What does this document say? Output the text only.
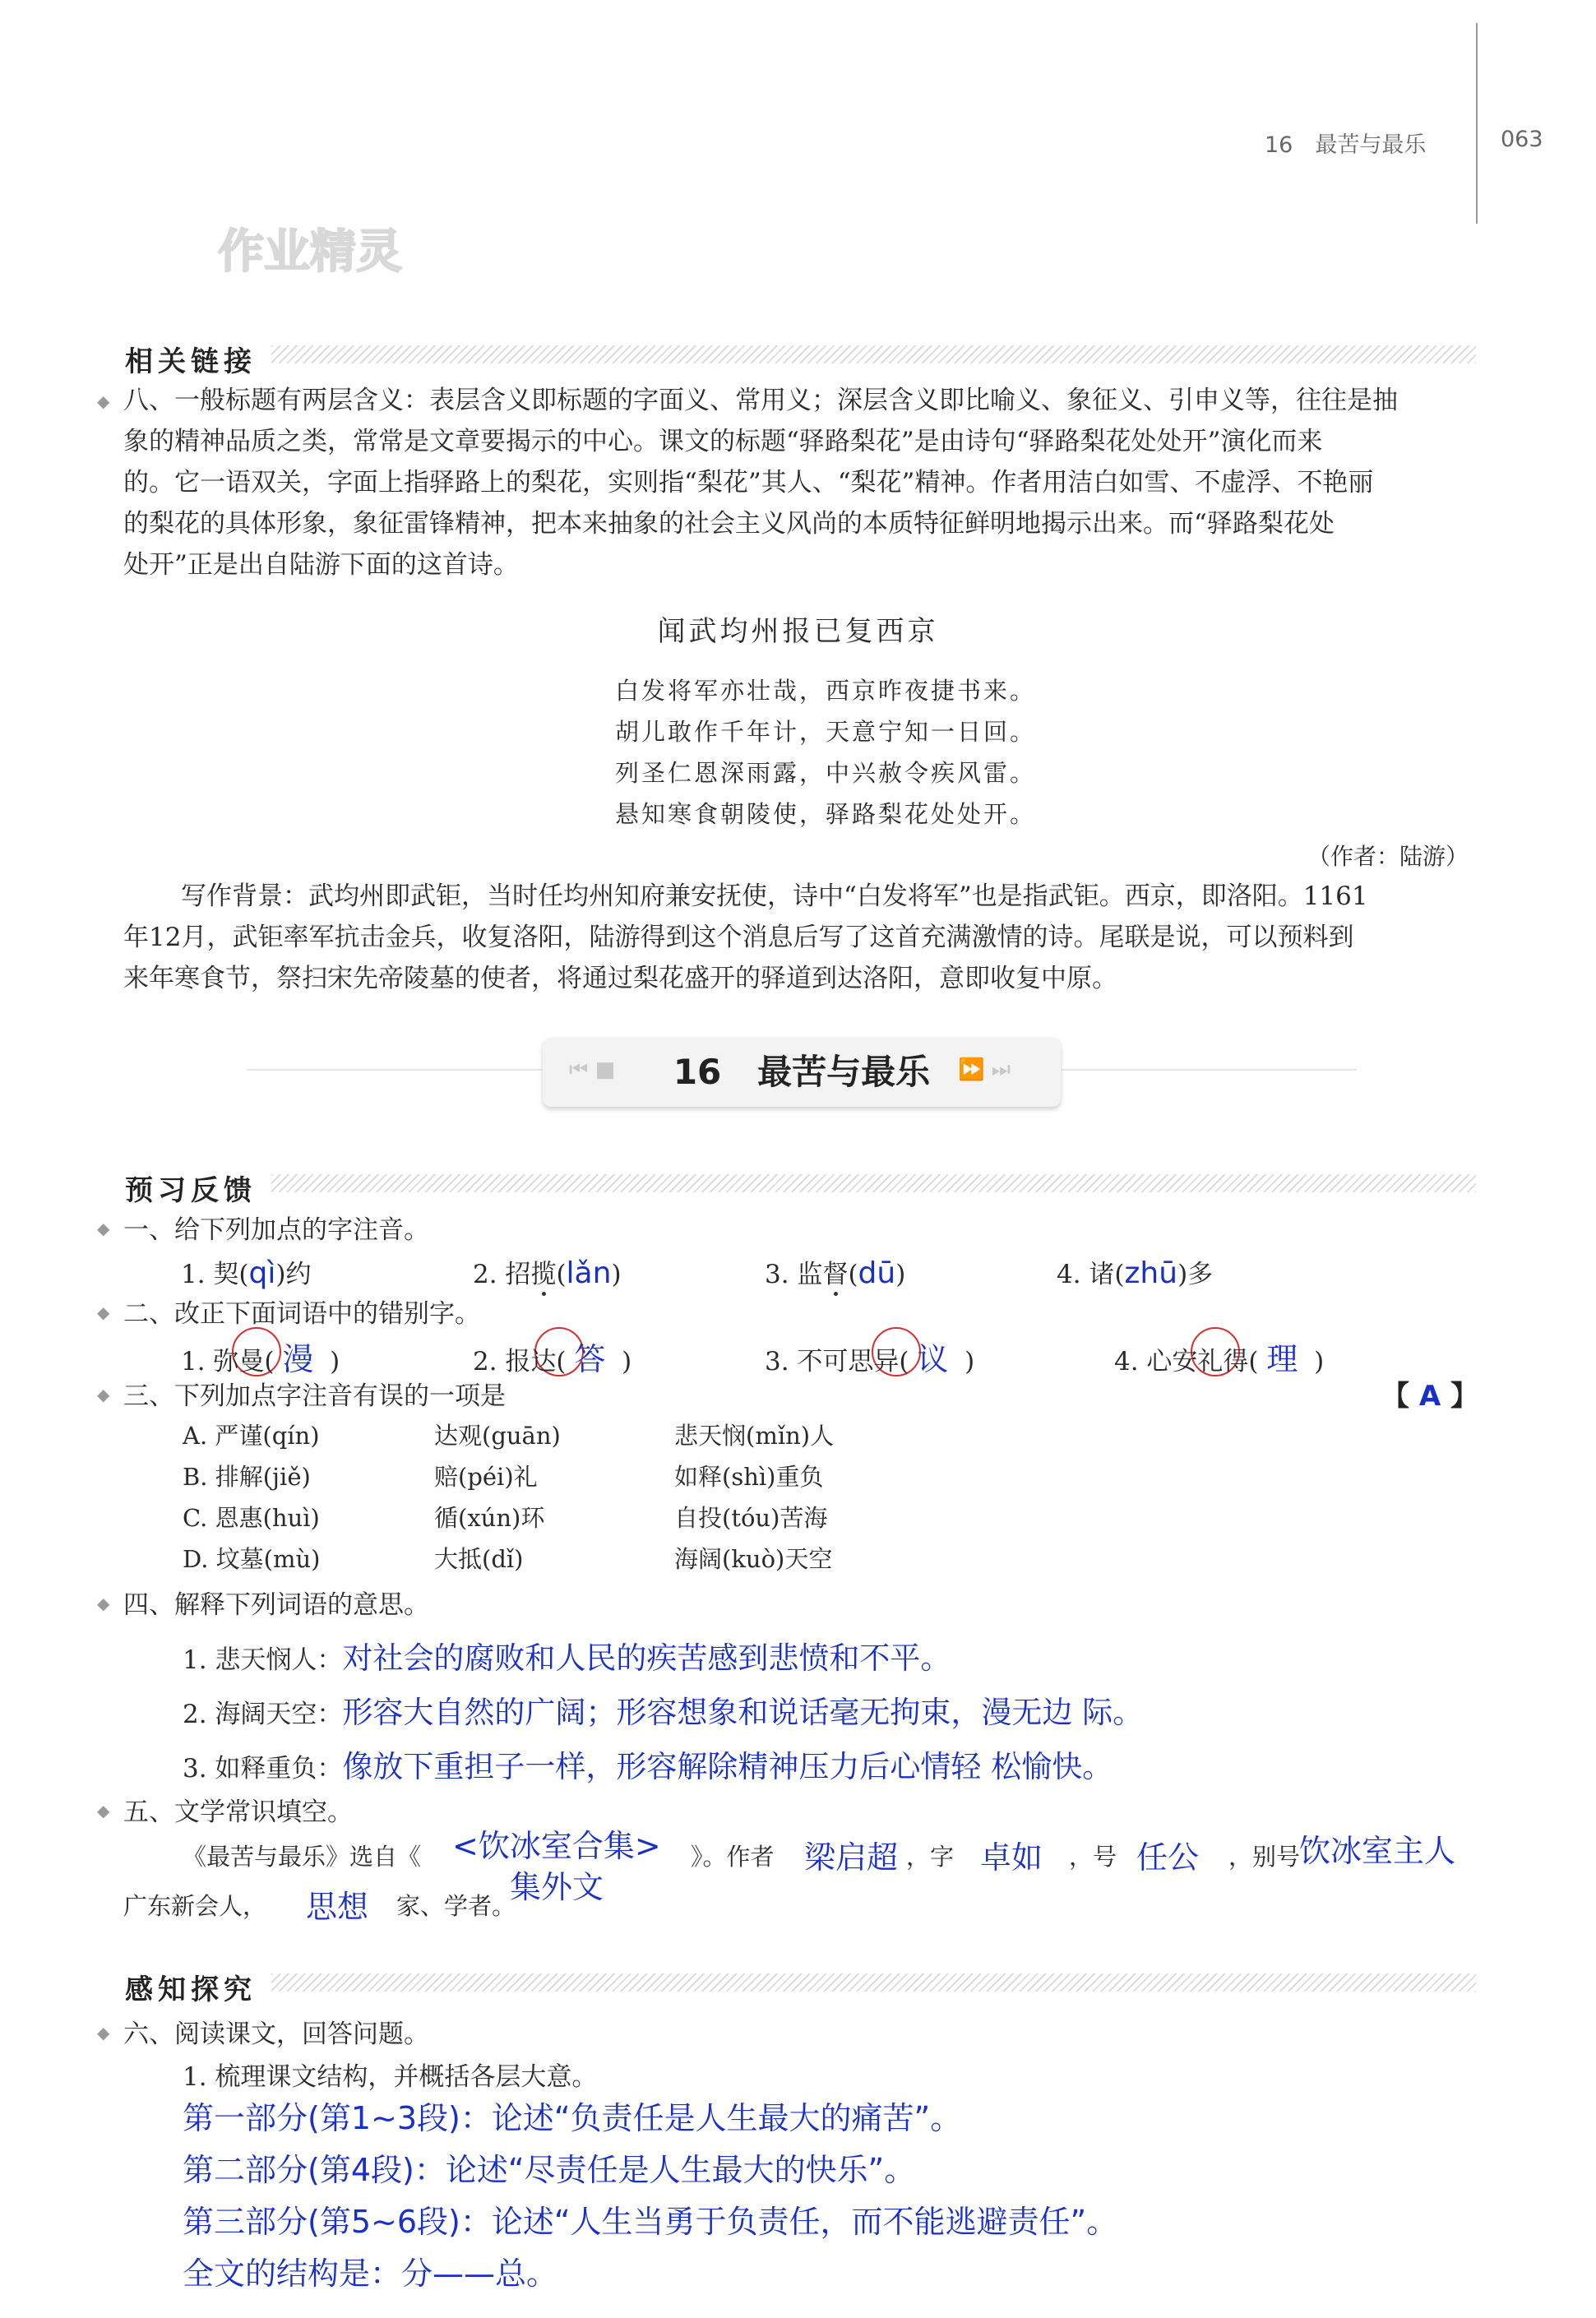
16　最苦与最乐	063
作业精灵
相关链接
◆ 八、一般标题有两层含义：表层含义即标题的字面义、常用义；深层含义即比喻义、象征义、引申义等，往往是抽
象的精神品质之类，常常是文章要揭示的中心。课文的标题“驿路梨花”是由诗句“驿路梨花处处开”演化而来
的。它一语双关，字面上指驿路上的梨花，实则指“梨花”其人、“梨花”精神。作者用洁白如雪、不虚浮、不艳丽
的梨花的具体形象，象征雷锋精神，把本来抽象的社会主义风尚的本质特征鲜明地揭示出来。而“驿路梨花处
处开”正是出自陆游下面的这首诗。
闻武均州报已复西京
白发将军亦壮哉，西京昨夜捷书来。
胡儿敢作千年计，天意宁知一日回。
列圣仁恩深雨露，中兴赦令疾风雷。
悬知寒食朝陵使，驿路梨花处处开。
（作者：陆游）
写作背景：武均州即武钜，当时任均州知府兼安抚使，诗中“白发将军”也是指武钜。西京，即洛阳。1161
年12月，武钜率军抗击金兵，收复洛阳，陆游得到这个消息后写了这首充满激情的诗。尾联是说，可以预料到
来年寒食节，祭扫宋先帝陵墓的使者，将通过梨花盛开的驿道到达洛阳，意即收复中原。
⏮ ■	⏩ ⏭
16 最苦与最乐
预习反馈
◆ 一、给下列加点的字注音。
1. 契(qì)约	2. 招揽(lǎn)	3. 监督(dū)	4. 诸(zhū)多
◆ 二、改正下面词语中的错别字。
1. 弥曼( 漫 )	2. 报达( 答 )	3. 不可思异( 议 )	4. 心安礼得( 理 )
◆ 三、下列加点字注音有误的一项是	【 A 】
A. 严谨(qín)	达观(guān)	悲天悯(mǐn)人
B. 排解(jiě)	赔(péi)礼	如释(shì)重负
C. 恩惠(huì)	循(xún)环	自投(tóu)苦海
D. 坟墓(mù)	大抵(dǐ)	海阔(kuò)天空
◆ 四、解释下列词语的意思。
1. 悲天悯人：对社会的腐败和人民的疾苦感到悲愤和不平。
2. 海阔天空：形容大自然的广阔；形容想象和说话毫无拘束，漫无边 际。
3. 如释重负：像放下重担子一样，形容解除精神压力后心情轻 松愉快。
◆ 五、文学常识填空。
《最苦与最乐》选自《 <饮冰室合集> 》。作者 梁启超 ，字 卓如 ，号 任公 ，别号
饮冰室主人
广东新会人， 思想 家、学者。
集外文
感知探究
◆ 六、阅读课文，回答问题。
1. 梳理课文结构，并概括各层大意。
第一部分(第1~3段)：论述“负责任是人生最大的痛苦”。
第二部分(第4段)：论述“尽责任是人生最大的快乐”。
第三部分(第5~6段)：论述“人生当勇于负责任，而不能逃避责任”。
全文的结构是：分——总。
